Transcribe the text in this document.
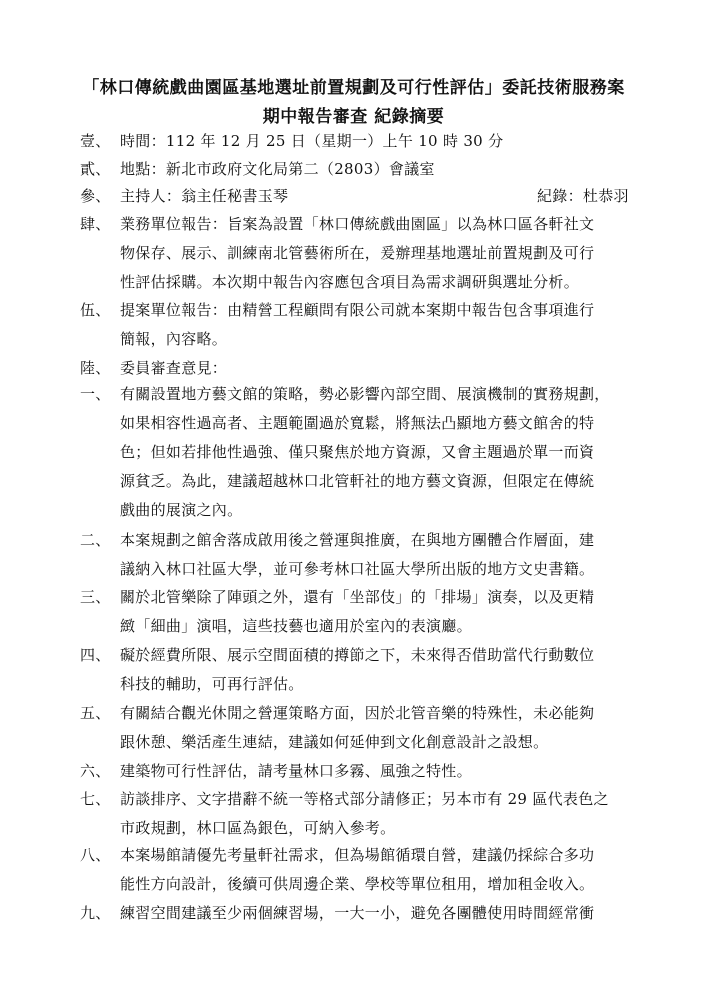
「林口傳統戲曲園區基地選址前置規劃及可行性評估」委託技術服務案
期中報告審查 紀錄摘要
紀錄：杜恭羽
壹、 時間：112 年 12 月 25 日（星期一）上午 10 時 30 分
貳、 地點：新北市政府文化局第二（2803）會議室
參、 主持人：翁主任秘書玉琴
肆、 業務單位報告：旨案為設置「林口傳統戲曲園區」以為林口區各軒社文
物保存、展示、訓練南北管藝術所在，爰辦理基地選址前置規劃及可行
性評估採購。本次期中報告內容應包含項目為需求調研與選址分析。
伍、 提案單位報告：由精營工程顧問有限公司就本案期中報告包含事項進行
簡報，內容略。
陸、 委員審查意見：
一、 有關設置地方藝文館的策略，勢必影響內部空間、展演機制的實務規劃，
如果相容性過高者、主題範圍過於寬鬆，將無法凸顯地方藝文館舍的特
色；但如若排他性過強、僅只聚焦於地方資源，又會主題過於單一而資
源貧乏。為此，建議超越林口北管軒社的地方藝文資源，但限定在傳統
戲曲的展演之內。
二、 本案規劃之館舍落成啟用後之營運與推廣，在與地方團體合作層面，建
議納入林口社區大學，並可參考林口社區大學所出版的地方文史書籍。
三、 關於北管樂除了陣頭之外，還有「坐部伎」的「排場」演奏，以及更精
緻「細曲」演唱，這些技藝也適用於室內的表演廳。
四、 礙於經費所限、展示空間面積的撙節之下，未來得否借助當代行動數位
科技的輔助，可再行評估。
五、 有關結合觀光休閒之營運策略方面，因於北管音樂的特殊性，未必能夠
跟休憩、樂活產生連結，建議如何延伸到文化創意設計之設想。
六、 建築物可行性評估，請考量林口多霧、風強之特性。
七、 訪談排序、文字措辭不統一等格式部分請修正；另本市有 29 區代表色之
市政規劃，林口區為銀色，可納入參考。
八、 本案場館請優先考量軒社需求，但為場館循環自營，建議仍採綜合多功
能性方向設計，後續可供周邊企業、學校等單位租用，增加租金收入。
九、 練習空間建議至少兩個練習場，一大一小，避免各團體使用時間經常衝
